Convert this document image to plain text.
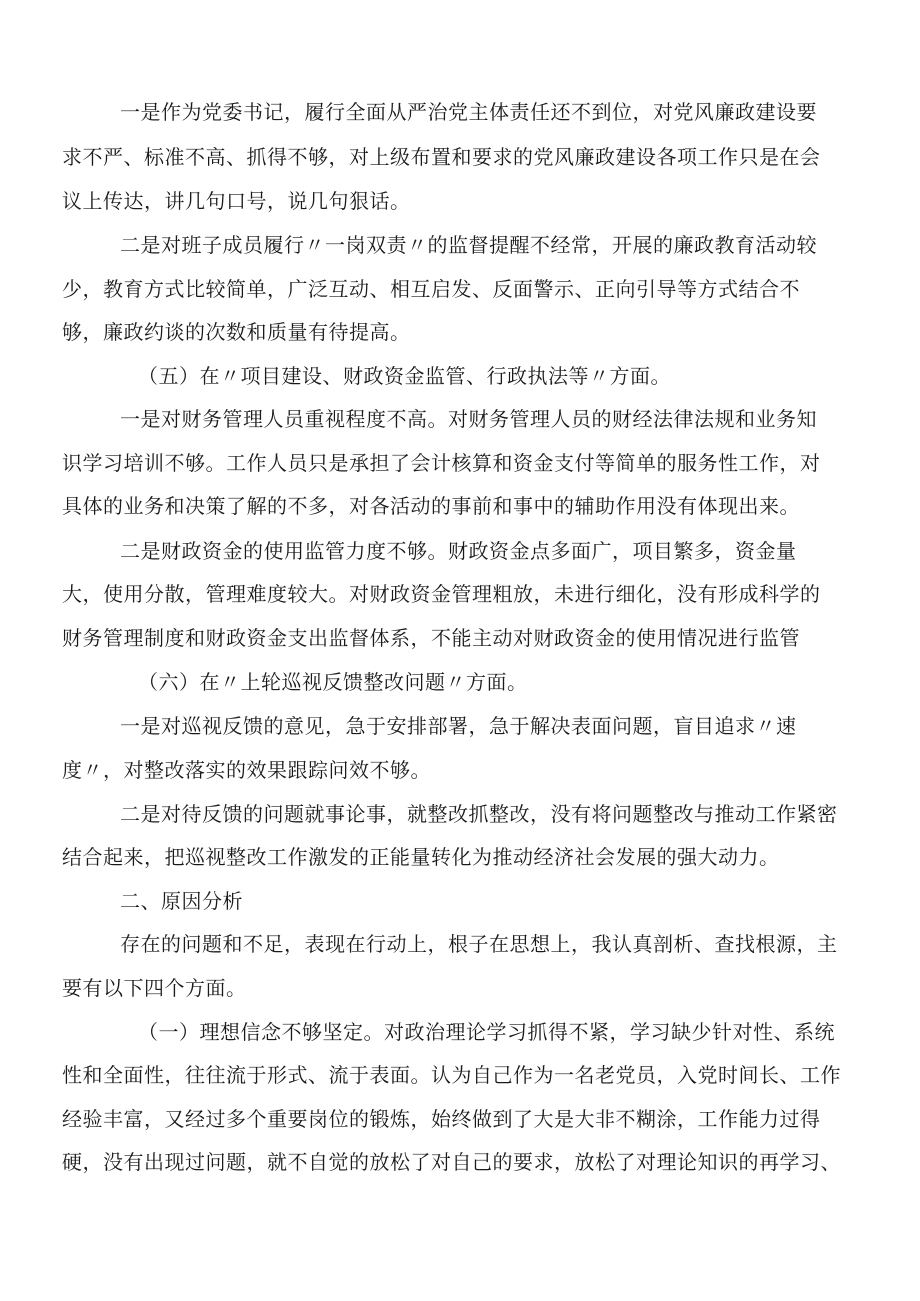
一是作为党委书记，履行全面从严治党主体责任还不到位，对党风廉政建设要
求不严、标准不高、抓得不够，对上级布置和要求的党风廉政建设各项工作只是在会
议上传达，讲几句口号，说几句狠话。
二是对班子成员履行〃一岗双责〃的监督提醒不经常，开展的廉政教育活动较
少，教育方式比较简单，广泛互动、相互启发、反面警示、正向引导等方式结合不
够，廉政约谈的次数和质量有待提高。
（五）在〃项目建设、财政资金监管、行政执法等〃方面。
一是对财务管理人员重视程度不高。对财务管理人员的财经法律法规和业务知
识学习培训不够。工作人员只是承担了会计核算和资金支付等简单的服务性工作，对
具体的业务和决策了解的不多，对各活动的事前和事中的辅助作用没有体现出来。
二是财政资金的使用监管力度不够。财政资金点多面广，项目繁多，资金量
大，使用分散，管理难度较大。对财政资金管理粗放，未进行细化，没有形成科学的
财务管理制度和财政资金支出监督体系，不能主动对财政资金的使用情况进行监管
（六）在〃上轮巡视反馈整改问题〃方面。
一是对巡视反馈的意见，急于安排部署，急于解决表面问题，盲目追求〃速
度〃，对整改落实的效果跟踪问效不够。
二是对待反馈的问题就事论事，就整改抓整改，没有将问题整改与推动工作紧密
结合起来，把巡视整改工作激发的正能量转化为推动经济社会发展的强大动力。
二、原因分析
存在的问题和不足，表现在行动上，根子在思想上，我认真剖析、查找根源，主
要有以下四个方面。
（一）理想信念不够坚定。对政治理论学习抓得不紧，学习缺少针对性、系统
性和全面性，往往流于形式、流于表面。认为自己作为一名老党员，入党时间长、工作
经验丰富，又经过多个重要岗位的锻炼，始终做到了大是大非不糊涂，工作能力过得
硬，没有出现过问题，就不自觉的放松了对自己的要求，放松了对理论知识的再学习、
